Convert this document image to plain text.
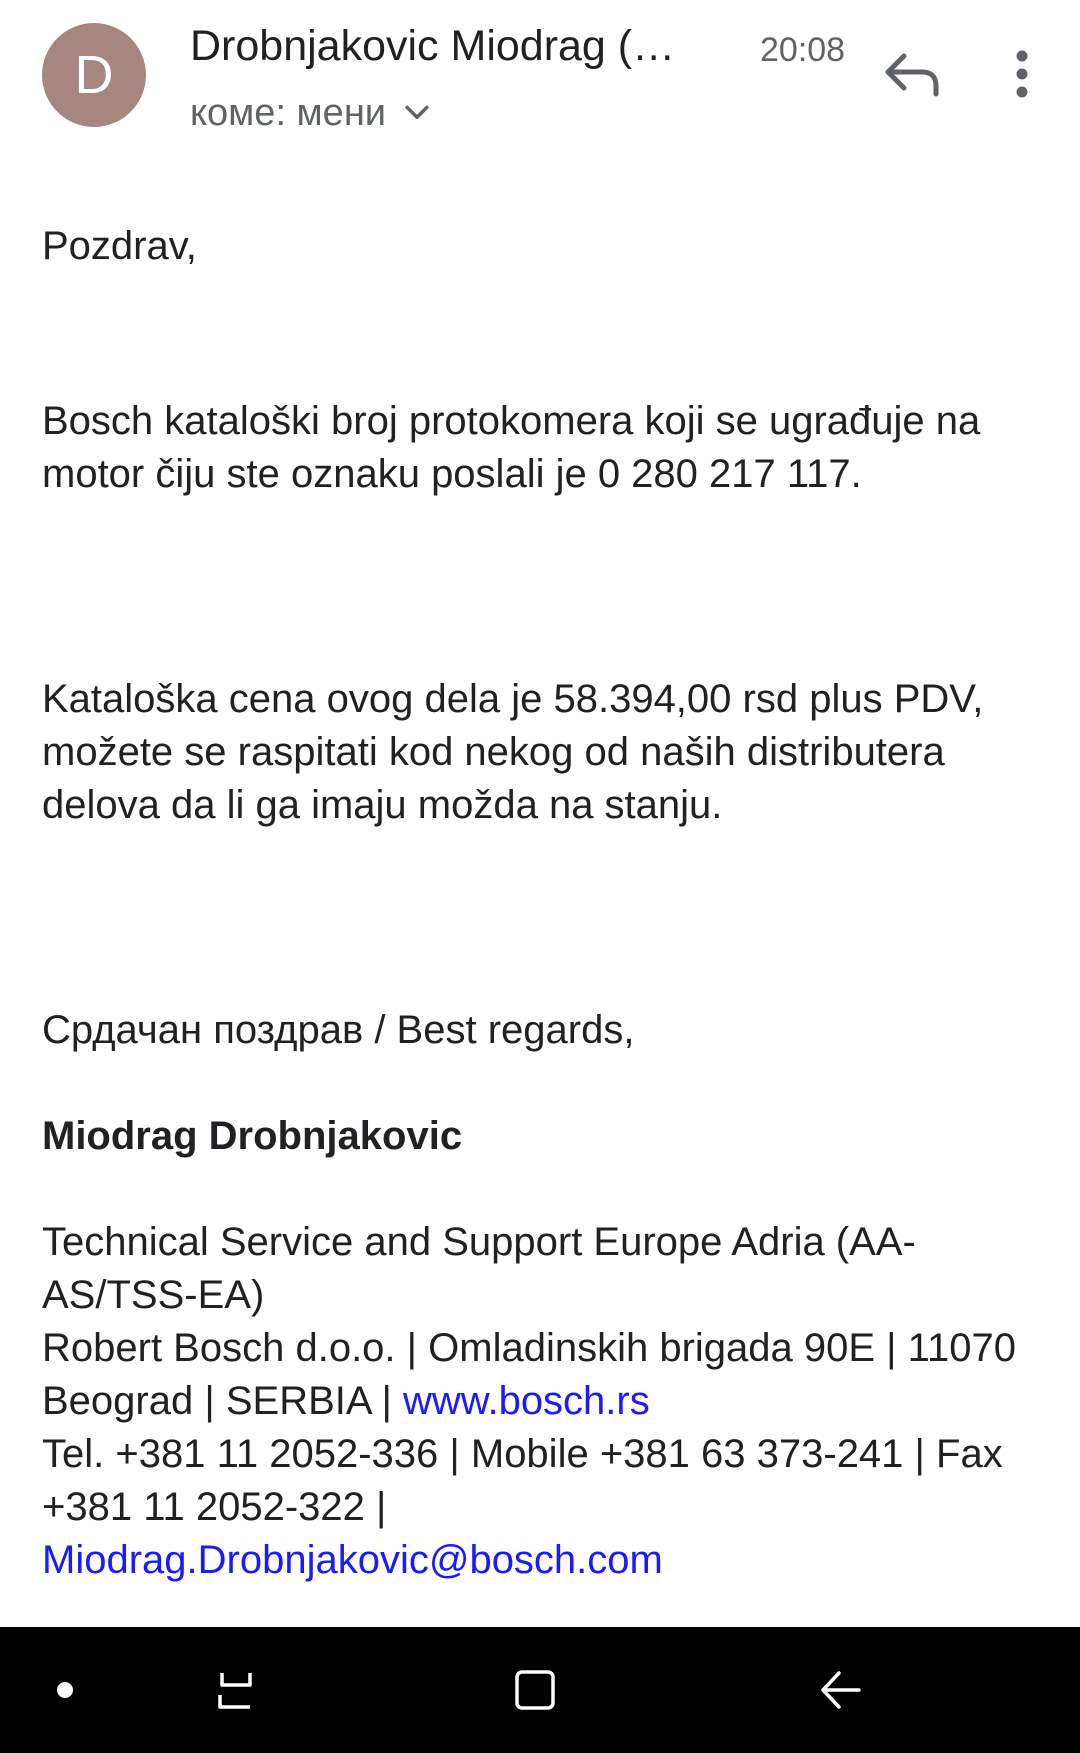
D	Drobnjakovic Miodrag (…	20:08
коме: мени

Pozdrav,

Bosch kataloški broj protokomera koji se ugrađuje na motor čiju ste oznaku poslali je 0 280 217 117.

Kataloška cena ovog dela je 58.394,00 rsd plus PDV, možete se raspitati kod nekog od naših distributera delova da li ga imaju možda na stanju.

Срдачан поздрав / Best regards,

Miodrag Drobnjakovic

Technical Service and Support Europe Adria (AA-AS/TSS-EA)
Robert Bosch d.o.o. | Omladinskih brigada 90E | 11070 Beograd | SERBIA | www.bosch.rs
Tel. +381 11 2052-336 | Mobile +381 63 373-241 | Fax +381 11 2052-322 |
Miodrag.Drobnjakovic@bosch.com
